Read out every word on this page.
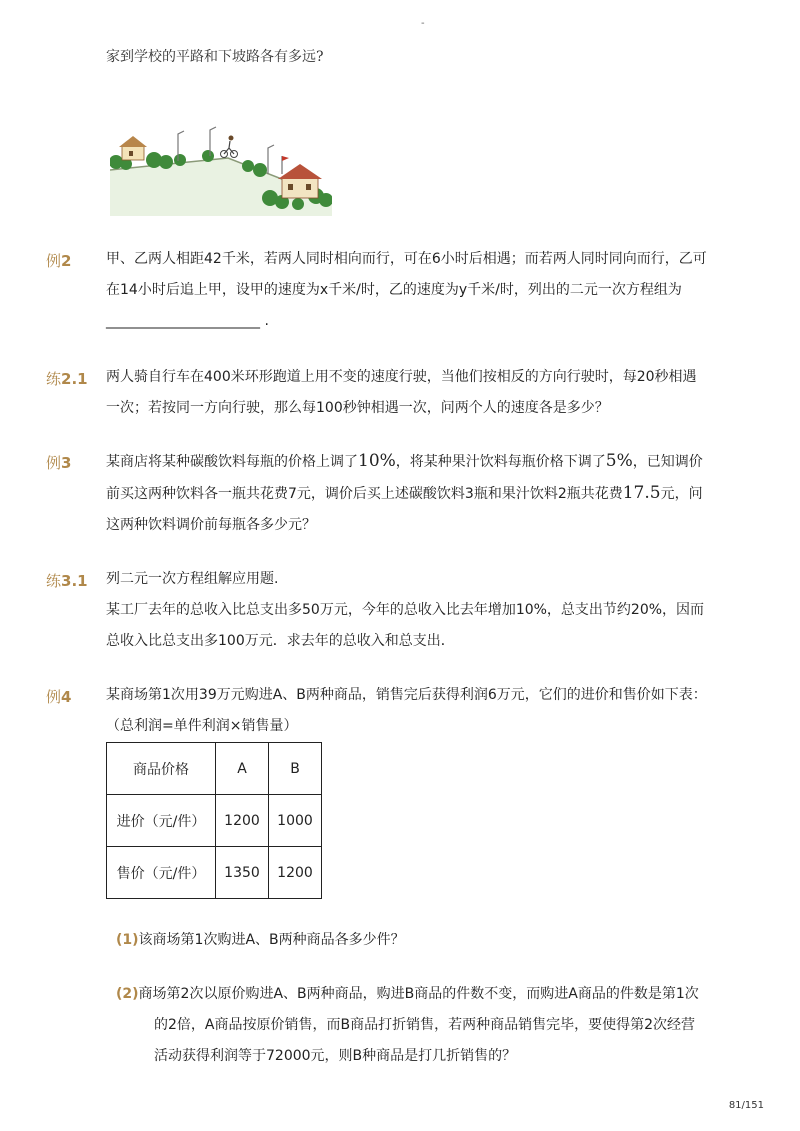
-
家到学校的平路和下坡路各有多远?
例2 甲、乙两人相距42千米，若两人同时相向而行，可在6小时后相遇；而若两人同时同向而行，乙可

在14小时后追上甲，设甲的速度为x千米/时，乙的速度为y千米/时，列出的二元一次方程组为

______________________ .

练2.1 两人骑自行车在400米环形跑道上用不变的速度行驶，当他们按相反的方向行驶时，每20秒相遇

一次；若按同一方向行驶，那么每100秒钟相遇一次，问两个人的速度各是多少？

例3 某商店将某种碳酸饮料每瓶的价格上调了10%，将某种果汁饮料每瓶价格下调了5%，已知调价

前买这两种饮料各一瓶共花费7元，调价后买上述碳酸饮料3瓶和果汁饮料2瓶共花费17.5元，问

这两种饮料调价前每瓶各多少元？

练3.1 列二元一次方程组解应用题.

某工厂去年的总收入比总支出多50万元，今年的总收入比去年增加10%，总支出节约20%，因而

总收入比总支出多100万元．求去年的总收入和总支出．

例4 某商场第1次用39万元购进A、B两种商品，销售完后获得利润6万元，它们的进价和售价如下表：

（总利润=单件利润×销售量）

商品价格	A	B
进价（元/件）	1200	1000
售价（元/件）	1350	1200
(1)该商场第1次购进A、B两种商品各多少件？
(2)商场第2次以原价购进A、B两种商品，购进B商品的件数不变，而购进A商品的件数是第1次
的2倍，A商品按原价销售，而B商品打折销售，若两种商品销售完毕，要使得第2次经营
活动获得利润等于72000元，则B种商品是打几折销售的？
81/151
